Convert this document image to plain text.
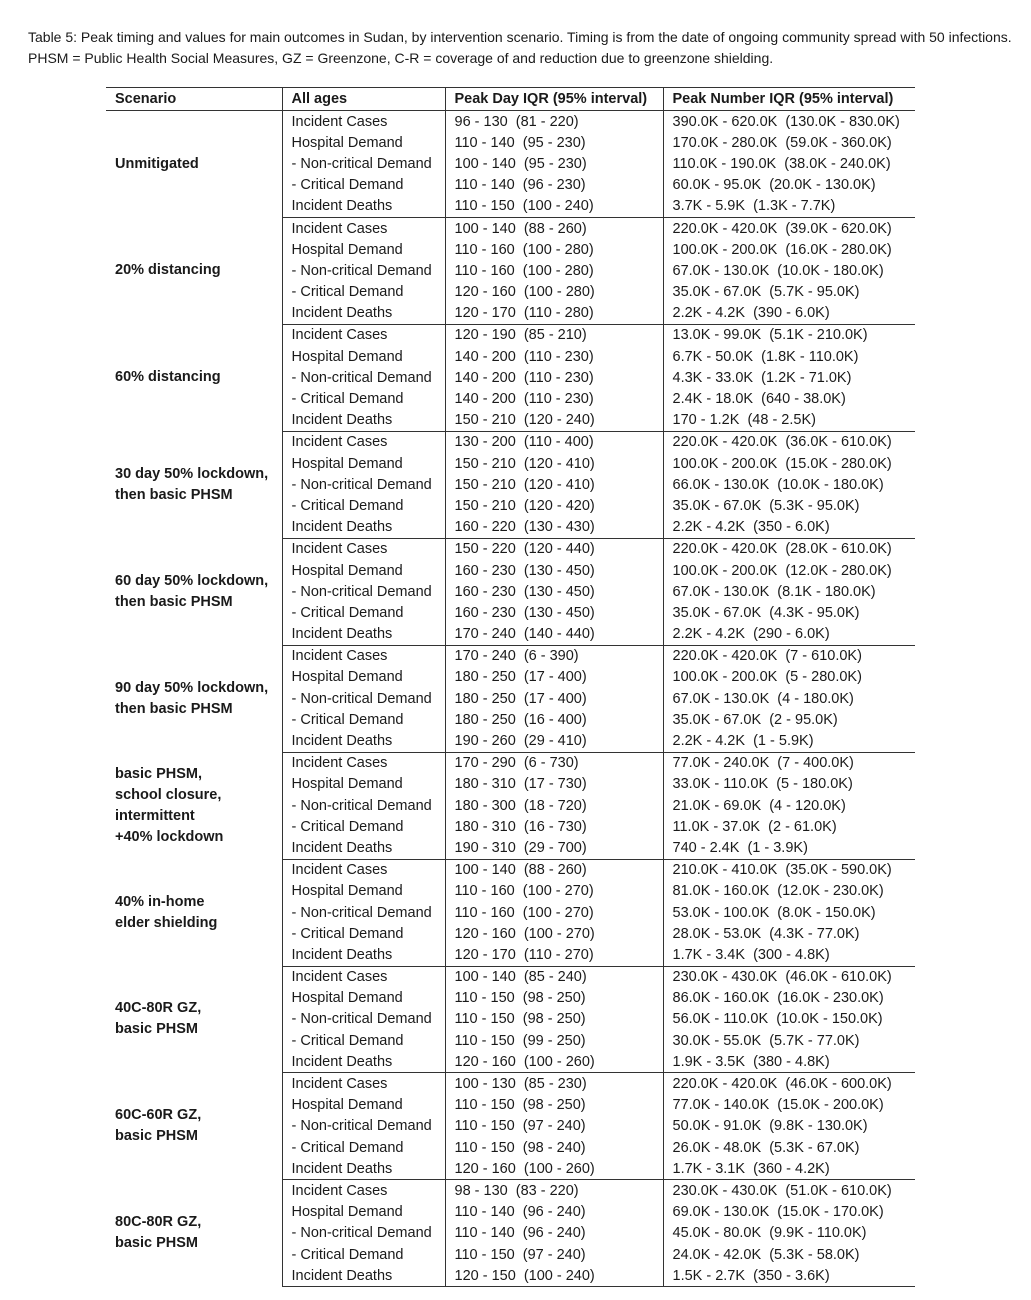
Table 5: Peak timing and values for main outcomes in Sudan, by intervention scenario. Timing is from the date of ongoing community spread with 50 infections. PHSM = Public Health Social Measures, GZ = Greenzone, C-R = coverage of and reduction due to greenzone shielding.

Scenario	All ages	Peak Day IQR (95% interval)	Peak Number IQR (95% interval)
Unmitigated	Incident Cases	96 - 130  (81 - 220)	390.0K - 620.0K  (130.0K - 830.0K)
	Hospital Demand	110 - 140  (95 - 230)	170.0K - 280.0K  (59.0K - 360.0K)
	- Non-critical Demand	100 - 140  (95 - 230)	110.0K - 190.0K  (38.0K - 240.0K)
	- Critical Demand	110 - 140  (96 - 230)	60.0K - 95.0K  (20.0K - 130.0K)
	Incident Deaths	110 - 150  (100 - 240)	3.7K - 5.9K  (1.3K - 7.7K)
20% distancing	Incident Cases	100 - 140  (88 - 260)	220.0K - 420.0K  (39.0K - 620.0K)
	Hospital Demand	110 - 160  (100 - 280)	100.0K - 200.0K  (16.0K - 280.0K)
	- Non-critical Demand	110 - 160  (100 - 280)	67.0K - 130.0K  (10.0K - 180.0K)
	- Critical Demand	120 - 160  (100 - 280)	35.0K - 67.0K  (5.7K - 95.0K)
	Incident Deaths	120 - 170  (110 - 280)	2.2K - 4.2K  (390 - 6.0K)
60% distancing	Incident Cases	120 - 190  (85 - 210)	13.0K - 99.0K  (5.1K - 210.0K)
	Hospital Demand	140 - 200  (110 - 230)	6.7K - 50.0K  (1.8K - 110.0K)
	- Non-critical Demand	140 - 200  (110 - 230)	4.3K - 33.0K  (1.2K - 71.0K)
	- Critical Demand	140 - 200  (110 - 230)	2.4K - 18.0K  (640 - 38.0K)
	Incident Deaths	150 - 210  (120 - 240)	170 - 1.2K  (48 - 2.5K)
30 day 50% lockdown,
then basic PHSM	Incident Cases	130 - 200  (110 - 400)	220.0K - 420.0K  (36.0K - 610.0K)
	Hospital Demand	150 - 210  (120 - 410)	100.0K - 200.0K  (15.0K - 280.0K)
	- Non-critical Demand	150 - 210  (120 - 410)	66.0K - 130.0K  (10.0K - 180.0K)
	- Critical Demand	150 - 210  (120 - 420)	35.0K - 67.0K  (5.3K - 95.0K)
	Incident Deaths	160 - 220  (130 - 430)	2.2K - 4.2K  (350 - 6.0K)
60 day 50% lockdown,
then basic PHSM	Incident Cases	150 - 220  (120 - 440)	220.0K - 420.0K  (28.0K - 610.0K)
	Hospital Demand	160 - 230  (130 - 450)	100.0K - 200.0K  (12.0K - 280.0K)
	- Non-critical Demand	160 - 230  (130 - 450)	67.0K - 130.0K  (8.1K - 180.0K)
	- Critical Demand	160 - 230  (130 - 450)	35.0K - 67.0K  (4.3K - 95.0K)
	Incident Deaths	170 - 240  (140 - 440)	2.2K - 4.2K  (290 - 6.0K)
90 day 50% lockdown,
then basic PHSM	Incident Cases	170 - 240  (6 - 390)	220.0K - 420.0K  (7 - 610.0K)
	Hospital Demand	180 - 250  (17 - 400)	100.0K - 200.0K  (5 - 280.0K)
	- Non-critical Demand	180 - 250  (17 - 400)	67.0K - 130.0K  (4 - 180.0K)
	- Critical Demand	180 - 250  (16 - 400)	35.0K - 67.0K  (2 - 95.0K)
	Incident Deaths	190 - 260  (29 - 410)	2.2K - 4.2K  (1 - 5.9K)
basic PHSM,
school closure,
intermittent
+40% lockdown	Incident Cases	170 - 290  (6 - 730)	77.0K - 240.0K  (7 - 400.0K)
	Hospital Demand	180 - 310  (17 - 730)	33.0K - 110.0K  (5 - 180.0K)
	- Non-critical Demand	180 - 300  (18 - 720)	21.0K - 69.0K  (4 - 120.0K)
	- Critical Demand	180 - 310  (16 - 730)	11.0K - 37.0K  (2 - 61.0K)
	Incident Deaths	190 - 310  (29 - 700)	740 - 2.4K  (1 - 3.9K)
40% in-home
elder shielding	Incident Cases	100 - 140  (88 - 260)	210.0K - 410.0K  (35.0K - 590.0K)
	Hospital Demand	110 - 160  (100 - 270)	81.0K - 160.0K  (12.0K - 230.0K)
	- Non-critical Demand	110 - 160  (100 - 270)	53.0K - 100.0K  (8.0K - 150.0K)
	- Critical Demand	120 - 160  (100 - 270)	28.0K - 53.0K  (4.3K - 77.0K)
	Incident Deaths	120 - 170  (110 - 270)	1.7K - 3.4K  (300 - 4.8K)
40C-80R GZ,
basic PHSM	Incident Cases	100 - 140  (85 - 240)	230.0K - 430.0K  (46.0K - 610.0K)
	Hospital Demand	110 - 150  (98 - 250)	86.0K - 160.0K  (16.0K - 230.0K)
	- Non-critical Demand	110 - 150  (98 - 250)	56.0K - 110.0K  (10.0K - 150.0K)
	- Critical Demand	110 - 150  (99 - 250)	30.0K - 55.0K  (5.7K - 77.0K)
	Incident Deaths	120 - 160  (100 - 260)	1.9K - 3.5K  (380 - 4.8K)
60C-60R GZ,
basic PHSM	Incident Cases	100 - 130  (85 - 230)	220.0K - 420.0K  (46.0K - 600.0K)
	Hospital Demand	110 - 150  (98 - 250)	77.0K - 140.0K  (15.0K - 200.0K)
	- Non-critical Demand	110 - 150  (97 - 240)	50.0K - 91.0K  (9.8K - 130.0K)
	- Critical Demand	110 - 150  (98 - 240)	26.0K - 48.0K  (5.3K - 67.0K)
	Incident Deaths	120 - 160  (100 - 260)	1.7K - 3.1K  (360 - 4.2K)
80C-80R GZ,
basic PHSM	Incident Cases	98 - 130  (83 - 220)	230.0K - 430.0K  (51.0K - 610.0K)
	Hospital Demand	110 - 140  (96 - 240)	69.0K - 130.0K  (15.0K - 170.0K)
	- Non-critical Demand	110 - 140  (96 - 240)	45.0K - 80.0K  (9.9K - 110.0K)
	- Critical Demand	110 - 150  (97 - 240)	24.0K - 42.0K  (5.3K - 58.0K)
	Incident Deaths	120 - 150  (100 - 240)	1.5K - 2.7K  (350 - 3.6K)
